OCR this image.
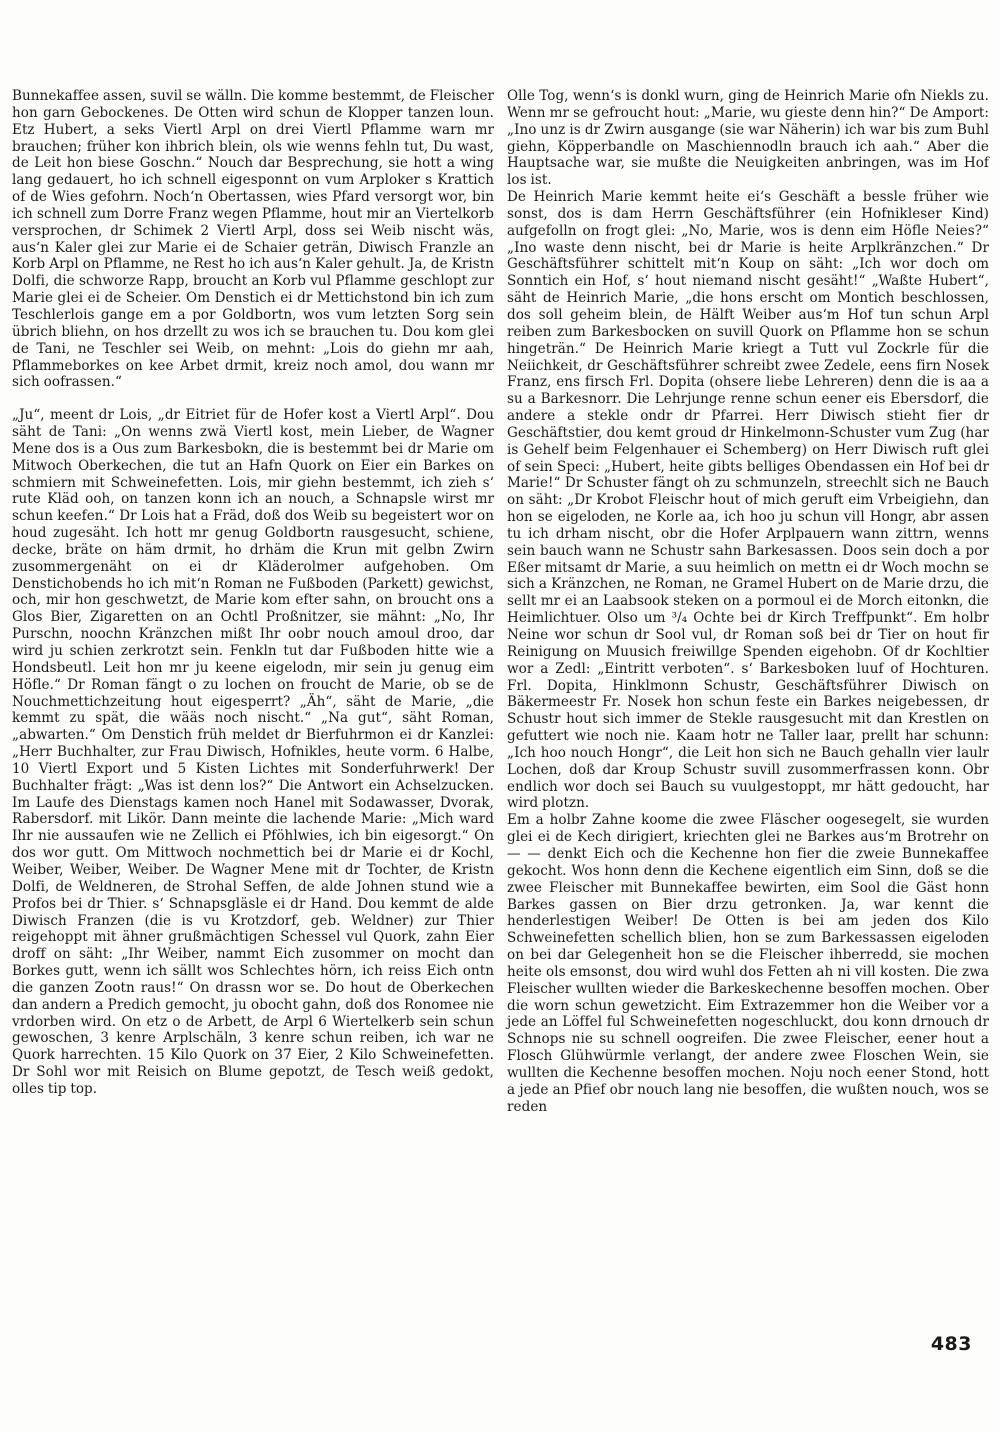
Bunnekaffee assen, suvil se wälln. Die komme bestemmt, de Fleischer hon garn Gebockenes. De Otten wird schun de Klopper tanzen loun. Etz Hubert, a seks Viertl Arpl on drei Viertl Pflamme warn mr brauchen; früher kon ihbrich blein, ols wie wenns fehln tut, Du wast, de Leit hon biese Goschn.“ Nouch dar Besprechung, sie hott a wing lang gedauert, ho ich schnell eigesponnt on vum Arploker s Krattich of de Wies gefohrn. Noch‘n Obertassen, wies Pfard versorgt wor, bin ich schnell zum Dorre Franz wegen Pflamme, hout mir an Viertelkorb versprochen, dr Schimek 2 Viertl Arpl, doss sei Weib nischt wäs, aus‘n Kaler glei zur Marie ei de Schaier geträn, Diwisch Franzle an Korb Arpl on Pflamme, ne Rest ho ich aus‘n Kaler gehult. Ja, de Kristn Dolfi, die schworze Rapp, broucht an Korb vul Pflamme geschlopt zur Marie glei ei de Scheier. Om Denstich ei dr Mettichstond bin ich zum Teschlerlois gange em a por Goldbortn, wos vum letzten Sorg sein übrich bliehn, on hos drzellt zu wos ich se brauchen tu. Dou kom glei de Tani, ne Teschler sei Weib, on mehnt: „Lois do giehn mr aah, Pflammeborkes on kee Arbet drmit, kreiz noch amol, dou wann mr sich oofrassen.“

„Ju“, meent dr Lois, „dr Eitriet für de Hofer kost a Viertl Arpl“. Dou säht de Tani: „On wenns zwä Viertl kost, mein Lieber, de Wagner Mene dos is a Ous zum Barkesbokn, die is bestemmt bei dr Marie om Mitwoch Oberkechen, die tut an Hafn Quork on Eier ein Barkes on schmiern mit Schweinefetten. Lois, mir giehn bestemmt, ich zieh s‘ rute Kläd ooh, on tanzen konn ich an nouch, a Schnapsle wirst mr schun keefen.“ Dr Lois hat a Fräd, doß dos Weib su begeistert wor on houd zugesäht. Ich hott mr genug Goldbortn rausgesucht, schiene, decke, bräte on häm drmit, ho drhäm die Krun mit gelbn Zwirn zusommergenäht on ei dr Kläderolmer aufgehoben. Om Denstichobends ho ich mit‘n Roman ne Fußboden (Parkett) gewichst, och, mir hon geschwetzt, de Marie kom efter sahn, on broucht ons a Glos Bier, Zigaretten on an Ochtl Proßnitzer, sie mähnt: „No, Ihr Purschn, noochn Kränzchen mißt Ihr oobr nouch amoul droo, dar wird ju schien zerkrotzt sein. Fenkln tut dar Fußboden hitte wie a Hondsbeutl. Leit hon mr ju keene eigelodn, mir sein ju genug eim Höfle.“ Dr Roman fängt o zu lochen on froucht de Marie, ob se de Nouchmettichzeitung hout eigesperrt? „Äh“, säht de Marie, „die kemmt zu spät, die wääs noch nischt.“ „Na gut“, säht Roman, „abwarten.“ Om Denstich früh meldet dr Bierfuhrmon ei dr Kanzlei: „Herr Buchhalter, zur Frau Diwisch, Hofnikles, heute vorm. 6 Halbe, 10 Viertl Export und 5 Kisten Lichtes mit Sonderfuhrwerk! Der Buchhalter frägt: „Was ist denn los?“ Die Antwort ein Achselzucken. Im Laufe des Dienstags kamen noch Hanel mit Sodawasser, Dvorak, Rabersdorf. mit Likör. Dann meinte die lachende Marie: „Mich ward Ihr nie aussaufen wie ne Zellich ei Pföhlwies, ich bin eigesorgt.“ On dos wor gutt. Om Mittwoch nochmettich bei dr Marie ei dr Kochl, Weiber, Weiber, Weiber. De Wagner Mene mit dr Tochter, de Kristn Dolfi, de Weldneren, de Strohal Seffen, de alde Johnen stund wie a Profos bei dr Thier. s‘ Schnapsgläsle ei dr Hand. Dou kemmt de alde Diwisch Franzen (die is vu Krotzdorf, geb. Weldner) zur Thier reigehoppt mit ähner grußmächtigen Schessel vul Quork, zahn Eier droff on säht: „Ihr Weiber, nammt Eich zusommer on mocht dan Borkes gutt, wenn ich sällt wos Schlechtes hörn, ich reiss Eich ontn die ganzen Zootn raus!“ On drassn wor se. Do hout de Oberkechen dan andern a Predich gemocht, ju obocht gahn, doß dos Ronomee nie vrdorben wird. On etz o de Arbett, de Arpl 6 Wiertelkerb sein schun gewoschen, 3 kenre Arplschäln, 3 kenre schun reiben, ich war ne Quork harrechten. 15 Kilo Quork on 37 Eier, 2 Kilo Schweinefetten. Dr Sohl wor mit Reisich on Blume gepotzt, de Tesch weiß gedokt, olles tip top.

Olle Tog, wenn‘s is donkl wurn, ging de Heinrich Marie ofn Niekls zu. Wenn mr se gefroucht hout: „Marie, wu gieste denn hin?“ De Amport: „Ino unz is dr Zwirn ausgange (sie war Näherin) ich war bis zum Buhl giehn, Köpperbandle on Maschiennodln brauch ich aah.“ Aber die Hauptsache war, sie mußte die Neuigkeiten anbringen, was im Hof los ist.

De Heinrich Marie kemmt heite ei‘s Geschäft a bessle früher wie sonst, dos is dam Herrn Geschäftsführer (ein Hofnikleser Kind) aufgefolln on frogt glei: „No, Marie, wos is denn eim Höfle Neies?“ „Ino waste denn nischt, bei dr Marie is heite Arplkränzchen.“ Dr Geschäftsführer schittelt mit‘n Koup on säht: „Ich wor doch om Sonntich ein Hof, s‘ hout niemand nischt gesäht!“ „Waßte Hubert“, säht de Heinrich Marie, „die hons erscht om Montich beschlossen, dos soll geheim blein, de Hälft Weiber aus‘m Hof tun schun Arpl reiben zum Barkesbocken on suvill Quork on Pflamme hon se schun hingeträn.“ De Heinrich Marie kriegt a Tutt vul Zockrle für die Neiichkeit, dr Geschäftsführer schreibt zwee Zedele, eens firn Nosek Franz, ens firsch Frl. Dopita (ohsere liebe Lehreren) denn die is aa a su a Barkesnorr. Die Lehrjunge renne schun eener eis Ebersdorf, die andere a stekle ondr dr Pfarrei. Herr Diwisch stieht fier dr Geschäftstier, dou kemt groud dr Hinkelmonn-Schuster vum Zug (har is Gehelf beim Felgenhauer ei Schemberg) on Herr Diwisch ruft glei of sein Speci: „Hubert, heite gibts belliges Obendassen ein Hof bei dr Marie!“ Dr Schuster fängt oh zu schmunzeln, streechlt sich ne Bauch on säht: „Dr Krobot Fleischr hout of mich geruft eim Vrbeigiehn, dan hon se eigeloden, ne Korle aa, ich hoo ju schun vill Hongr, abr assen tu ich drham nischt, obr die Hofer Arplpauern wann zittrn, wenns sein bauch wann ne Schustr sahn Barkesassen. Doos sein doch a por Eßer mitsamt dr Marie, a suu heimlich on mettn ei dr Woch mochn se sich a Kränzchen, ne Roman, ne Gramel Hubert on de Marie drzu, die sellt mr ei an Laabsook steken on a pormoul ei de Morch eitonkn, die Heimlichtuer. Olso um ³/₄ Ochte bei dr Kirch Treffpunkt“. Em holbr Neine wor schun dr Sool vul, dr Roman soß bei dr Tier on hout fir Reinigung on Muusich freiwillge Spenden eigehobn. Of dr Kochltier wor a Zedl: „Eintritt verboten“. s‘ Barkesboken luuf of Hochturen. Frl. Dopita, Hinklmonn Schustr, Geschäftsführer Diwisch on Bäkermeestr Fr. Nosek hon schun feste ein Barkes neigebessen, dr Schustr hout sich immer de Stekle rausgesucht mit dan Krestlen on gefuttert wie noch nie. Kaam hotr ne Taller laar, prellt har schunn: „Ich hoo nouch Hongr“, die Leit hon sich ne Bauch gehalln vier laulr Lochen, doß dar Kroup Schustr suvill zusommerfrassen konn. Obr endlich wor doch sei Bauch su vuulgestoppt, mr hätt gedoucht, har wird plotzn.

Em a holbr Zahne koome die zwee Fläscher oogesegelt, sie wurden glei ei de Kech dirigiert, kriechten glei ne Barkes aus‘m Brotrehr on — — denkt Eich och die Kechenne hon fier die zweie Bunnekaffee gekocht. Wos honn denn die Kechene eigentlich eim Sinn, doß se die zwee Fleischer mit Bunnekaffee bewirten, eim Sool die Gäst honn Barkes gassen on Bier drzu getronken. Ja, war kennt die henderlestigen Weiber! De Otten is bei am jeden dos Kilo Schweinefetten schellich blien, hon se zum Barkessassen eigeloden on bei dar Gelegenheit hon se die Fleischer ihberredd, sie mochen heite ols emsonst, dou wird wuhl dos Fetten ah ni vill kosten. Die zwa Fleischer wullten wieder die Barkeskechenne besoffen mochen. Ober die worn schun gewetzicht. Eim Extrazemmer hon die Weiber vor a jede an Löffel ful Schweinefetten nogeschluckt, dou konn drnouch dr Schnops nie su schnell oogreifen. Die zwee Fleischer, eener hout a Flosch Glühwürmle verlangt, der andere zwee Floschen Wein, sie wullten die Kechenne besoffen mochen. Noju noch eener Stond, hott a jede an Pfief obr nouch lang nie besoffen, die wußten nouch, wos se reden

483
